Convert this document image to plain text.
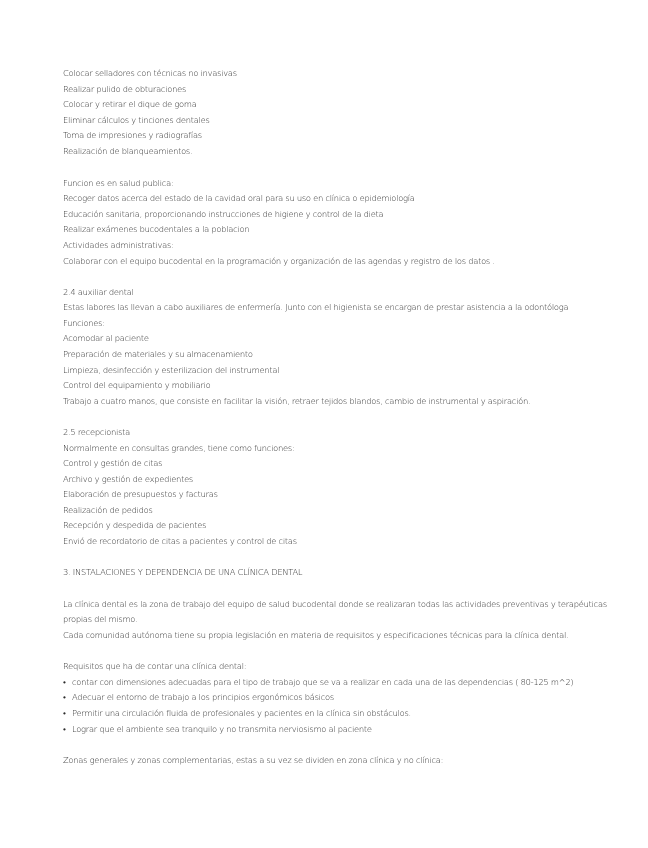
Colocar selladores con técnicas no invasivas
Realizar pulido de obturaciones
Colocar y retirar el dique de goma
Eliminar cálculos y tinciones dentales
Toma de impresiones y radiografías
Realización de blanqueamientos.
Funcion es en salud publica:
Recoger datos acerca del estado de la cavidad oral para su uso en clínica o epidemiología
Educación sanitaria, proporcionando instrucciones de higiene y control de la dieta
Realizar exámenes bucodentales a la poblacion
Actividades administrativas:
Colaborar con el equipo bucodental en la programación y organización de las agendas y registro de los datos .
2.4 auxiliar dental
Estas labores las llevan a cabo auxiliares de enfermería. Junto con el higienista se encargan de prestar asistencia a la odontóloga
Funciones:
Acomodar al paciente
Preparación de materiales y su almacenamiento
Limpieza, desinfección y esterilizacion del instrumental
Control del equipamiento y mobiliario
Trabajo a cuatro manos, que consiste en facilitar la visión, retraer tejidos blandos, cambio de instrumental y aspiración.
2.5 recepcionista
Normalmente en consultas grandes, tiene como funciones:
Control y gestión de citas
Archivo y gestión de expedientes
Elaboración de presupuestos y facturas
Realización de pedidos
Recepción y despedida de pacientes
Envió de recordatorio de citas a pacientes y control de citas
3. INSTALACIONES Y DEPENDENCIA DE UNA CLÍNICA DENTAL
La clínica dental es la zona de trabajo del equipo de salud bucodental donde se realizaran todas las actividades preventivas y terapéuticas
propias del mismo.
Cada comunidad autónoma tiene su propia legislación en materia de requisitos y especificaciones técnicas para la clínica dental.
Requisitos que ha de contar una clínica dental:
• contar con dimensiones adecuadas para el tipo de trabajo que se va a realizar en cada una de las dependencias ( 80-125 m^2)
• Adecuar el entorno de trabajo a los principios ergonómicos básicos
• Permitir una circulación fluida de profesionales y pacientes en la clínica sin obstáculos.
• Lograr que el ambiente sea tranquilo y no transmita nerviosismo al paciente
Zonas generales y zonas complementarias, estas a su vez se dividen en zona clínica y no clínica:
